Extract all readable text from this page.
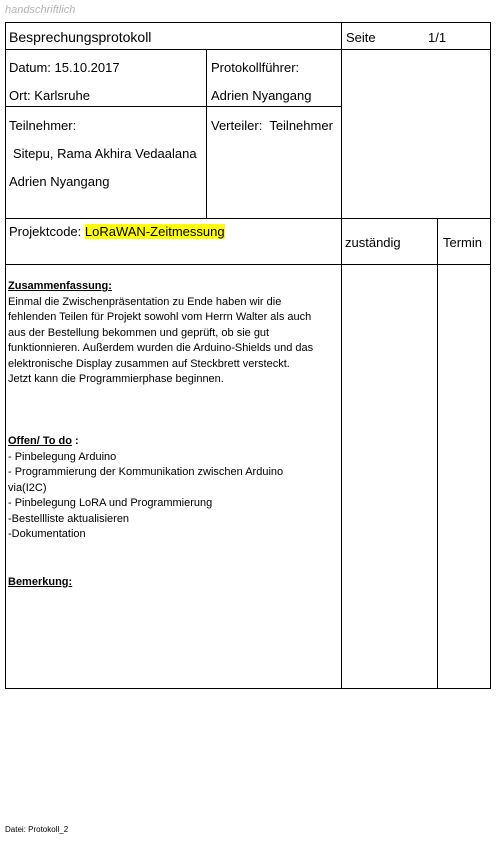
handschriftlich
Besprechungsprotokoll	Seite	1/1
Datum: 15.10.2017
Ort: Karlsruhe
Protokollführer:
Adrien Nyangang
Teilnehmer:
Sitepu, Rama Akhira Vedaalana
Adrien Nyangang
Verteiler: Teilnehmer
Projektcode: LoRaWAN-Zeitmessung
zuständig	Termin
Zusammenfassung:
Einmal die Zwischenpräsentation zu Ende haben wir die
fehlenden Teilen für Projekt sowohl vom Herrn Walter als auch
aus der Bestellung bekommen und geprüft, ob sie gut
funktionnieren. Außerdem wurden die Arduino-Shields und das
elektronische Display zusammen auf Steckbrett versteckt.
Jetzt kann die Programmierphase beginnen.
Offen/ To do :
- Pinbelegung Arduino
- Programmierung der Kommunikation zwischen Arduino
via(I2C)
- Pinbelegung LoRA und Programmierung
-Bestellliste aktualisieren
-Dokumentation
Bemerkung:
Datei: Protokoll_2
